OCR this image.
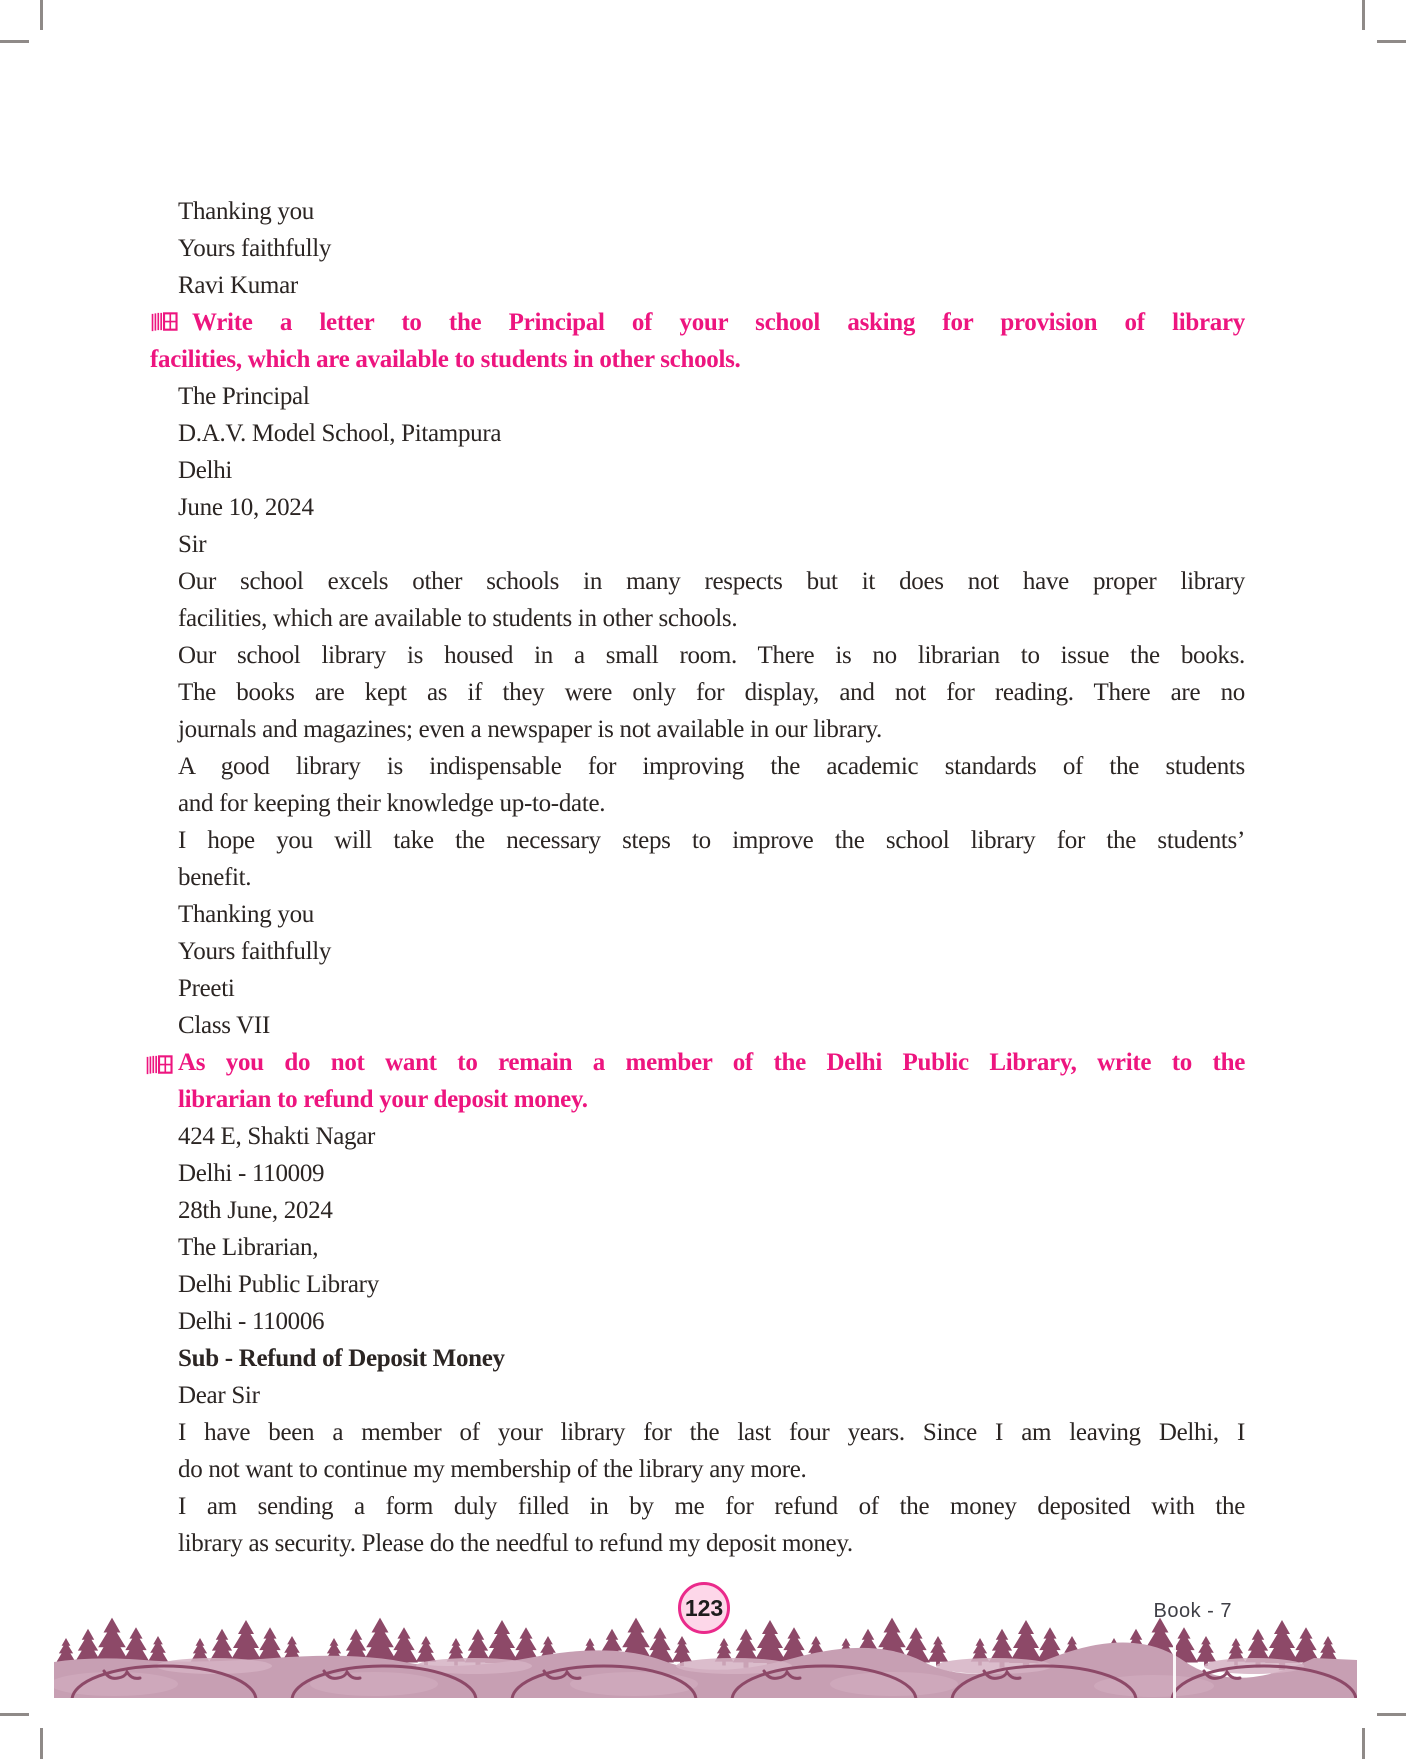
Thanking you
Yours faithfully
Ravi Kumar
Write a letter to the Principal of your school asking for provision of library
facilities, which are available to students in other schools.
The Principal
D.A.V. Model School, Pitampura
Delhi
June 10, 2024
Sir
Our school excels other schools in many respects but it does not have proper library
facilities, which are available to students in other schools.
Our school library is housed in a small room. There is no librarian to issue the books.
The books are kept as if they were only for display, and not for reading. There are no
journals and magazines; even a newspaper is not available in our library.
A good library is indispensable for improving the academic standards of the students
and for keeping their knowledge up-to-date.
I hope you will take the necessary steps to improve the school library for the students’
benefit.
Thanking you
Yours faithfully
Preeti
Class VII
As you do not want to remain a member of the Delhi Public Library, write to the
librarian to refund your deposit money.
424 E, Shakti Nagar
Delhi - 110009
28th June, 2024
The Librarian,
Delhi Public Library
Delhi - 110006
Sub - Refund of Deposit Money
Dear Sir
I have been a member of your library for the last four years. Since I am leaving Delhi, I
do not want to continue my membership of the library any more.
I am sending a form duly filled in by me for refund of the money deposited with the
library as security. Please do the needful to refund my deposit money.
123	Book - 7
